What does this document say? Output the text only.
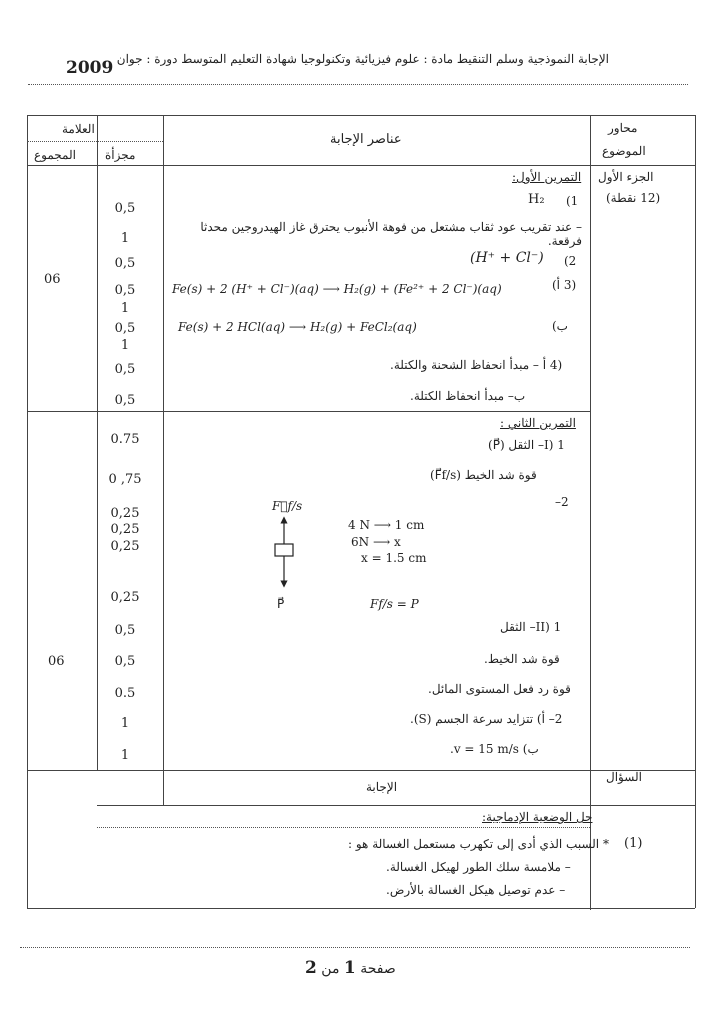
الإجابة النموذجية وسلم التنقيط مادة : علوم فيزيائية وتكنولوجيا شهادة التعليم المتوسط دورة : جوان
2009
محاور
الموضوع
عناصر الإجابة
العلامة
مجزأة
المجموع
الجزء الأول
(12 نقطة)
06
التمرين الأول:
(1
H₂
– عند تقريب عود ثقاب مشتعل من فوهة الأنبوب يحترق غاز الهيدروجين محدثا فرقعة.
(2
(H⁺ + Cl⁻)
(3 أ)
Fe(s) + 2 (H⁺ + Cl⁻)(aq) ⟶ H₂(g) + (Fe²⁺ + 2 Cl⁻)(aq)
ب)
Fe(s) + 2 HCl(aq) ⟶ H₂(g) + FeCl₂(aq)
(4 أ – مبدأ انحفاظ الشحنة والكتلة.
ب– مبدأ انحفاظ الكتلة.
0,5
1
0,5
0,5
1
0,5
1
0,5
0,5
التمرين الثاني :
I) 1– الثقل (P⃗)
قوة شد الخيط (F⃗f/s)
–2
F⃗f/s
P⃗
4 N ⟶ 1 cm
6N ⟶ x
x = 1.5 cm
Ff/s = P
II) 1– الثقل
قوة شد الخيط.
قوة رد فعل المستوى المائل.
2– أ) تتزايد سرعة الجسم (S).
ب) v = 15 m/s.
06
0.75
0 ,75
0,25
0,25
0,25
0,25
0,5
0,5
0.5
1
1
السؤال
الإجابة
حل الوضعية الإدماجية:
(1)
* السبب الذي أدى إلى تكهرب مستعمل الغسالة هو :
– ملامسة سلك الطور لهيكل الغسالة.
– عدم توصيل هيكل الغسالة بالأرض.
صفحة 1 من 2
